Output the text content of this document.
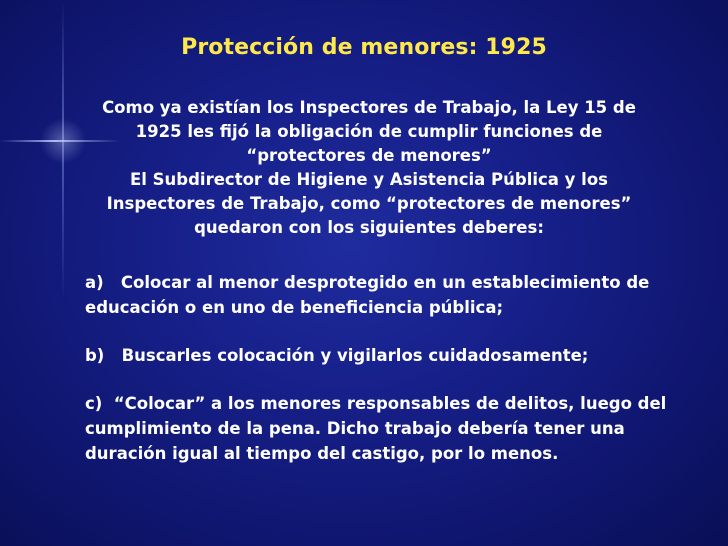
Protección de menores: 1925

Como ya existían los Inspectores de Trabajo, la Ley 15 de 1925 les fijó la obligación de cumplir funciones de “protectores de menores”

El Subdirector de Higiene y Asistencia Pública y los Inspectores de Trabajo, como “protectores de menores” quedaron con los siguientes deberes:

a)   Colocar al menor desprotegido en un establecimiento de educación o en uno de beneficiencia pública;

b)   Buscarles colocación y vigilarlos cuidadosamente;

c)  “Colocar” a los menores responsables de delitos, luego del cumplimiento de la pena. Dicho trabajo debería tener una duración igual al tiempo del castigo, por lo menos.
